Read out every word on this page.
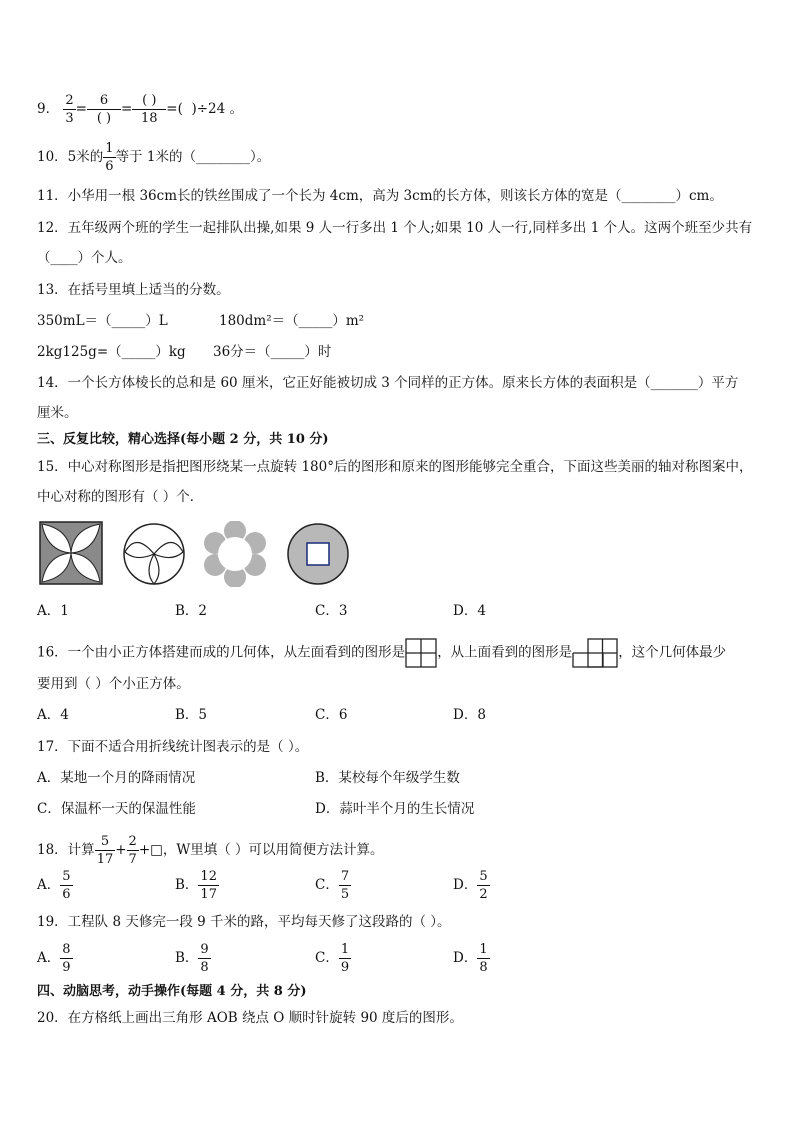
9． $\frac{2}{3} = \frac{6}{( )} = \frac{( )}{18}$ =(  )÷24 。
10．5米的 $\frac{1}{6}$ 等于 1米的（________）。
11．小华用一根 36cm长的铁丝围成了一个长为 4cm，高为 3cm的长方体，则该长方体的宽是（________）cm。
12．五年级两个班的学生一起排队出操,如果 9 人一行多出 1 个人;如果 10 人一行,同样多出 1 个人。这两个班至少共有
（____）个人。
13．在括号里填上适当的分数。
350mL＝（_____）L	180dm²＝（_____）m²
2kg125g=（_____）kg 36分＝（_____）时
14．一个长方体棱长的总和是 60 厘米，它正好能被切成 3 个同样的正方体。原来长方体的表面积是（_______）平方
厘米。
三、反复比较，精心选择(每小题 2 分，共 10 分)
15．中心对称图形是指把图形绕某一点旋转 180°后的图形和原来的图形能够完全重合，下面这些美丽的轴对称图案中，
中心对称的图形有（ ）个．
A．1	B．2	C．3	D．4
16．一个由小正方体搭建而成的几何体，从左面看到的图形是 ，从上面看到的图形是	，这个几何体最少
要用到（ ）个小正方体。
A．4	B．5	C．6	D．8
17．下面不适合用折线统计图表示的是（ ）。
A．某地一个月的降雨情况	B．某校每个年级学生数
C．保温杯一天的保温性能	D．蒜叶半个月的生长情况
18．计算 $\frac{5}{17} + \frac{2}{7}$ +□，W里填（ ）可以用简便方法计算。
A． $\frac{5}{6}$	B． $\frac{12}{17}$	C． $\frac{7}{5}$	D． $\frac{5}{2}$
19．工程队 8 天修完一段 9 千米的路，平均每天修了这段路的（ ）。
A． $\frac{8}{9}$	B． $\frac{9}{8}$	C． $\frac{1}{9}$	D． $\frac{1}{8}$
四、动脑思考，动手操作(每题 4 分，共 8 分)
20．在方格纸上画出三角形 AOB 绕点 O 顺时针旋转 90 度后的图形。
